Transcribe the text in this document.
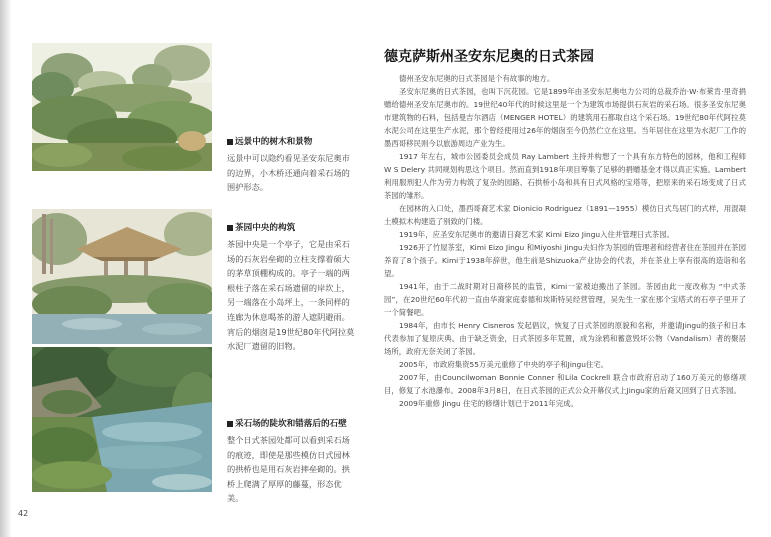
远景中的树木和景物
远景中可以隐约看见圣安东尼奥市的边界，小木桥还通向着采石场的围护形态。
茶园中央的构筑
茶园中央是一个亭子，它是由采石场的石灰岩垒砌的立柱支撑着硕大的茅草顶棚构成的。亭子一端的两根柱子落在采石场遗留的岸坎上，另一端落在小岛坪上，一条同样的连廊为休息喝茶的游人遮阴避雨。宵后的烟囱是19世纪80年代阿拉莫水泥厂遗留的旧物。
采石场的陡坎和错落后的石壁
整个日式茶园处都可以看到采石场的痕迹，即使是那些模仿日式园林的拱桥也是用石灰岩摔垒砌的。拱桥上爬满了厚厚的藤蔓，形态优美。
42
德克萨斯州圣安东尼奥的日式茶园

德州圣安东尼奥的日式茶园是个有故事的地方。

圣安东尼奥的日式茶园，也叫下沉花园。它是1899年由圣安东尼奥电力公司的总裁乔治·W·布莱肯·里奇捐赠给德州圣安东尼奥市的。19世纪40年代的时候这里是一个为建筑市场提供石灰岩的采石场。很多圣安东尼奥市建筑物的石料，包括曼吉尔酒店（MENGER HOTEL）的建筑用石都取自这个采石场。19世纪80年代阿拉莫水泥公司在这里生产水泥，那个曾经使用过26年的烟囱至今仍然伫立在这里。当年居住在这里为水泥厂工作的墨西哥移民则今以旅游周边产业为生。

1917 年左右，城市公园委员会成员 Ray Lambert 主持并构想了一个具有东方特色的园林，他和工程师 W S Delery 共同规划构思这个项目。然而直到1918年项目筹集了足够的捐赠基金才得以真正实施。Lambert 利用服刑犯人作为劳力构筑了复杂的园路、石拱桥小岛和具有日式风格的宝塔等，把原来的采石场变成了日式茶园的雏形。

在园林的入口处，墨西哥裔艺术家 Dionicio Rodriguez（1891—1955）模仿日式鸟居门的式样，用混凝土模拟木构建造了别致的门楼。

1919年，应圣安东尼奥市的邀请日裔艺术家 Kimi Eizo Jingu入住并管理日式茶园。

1926开了竹屋茶室，Kimi Eizo Jingu 和Miyoshi Jingu夫妇作为茶园的管理者和经营者住在茶园并在茶园养育了8个孩子。Kimi于1938年辞世，他生前是Shizuoka产业协会的代表，并在茶业上享有很高的造诣和名望。

1941年，由于二战时期对日裔移民的监管，Kimi一家被迫搬出了茶园。茶园由此一度改称为 “中式茶园”，在20世纪60年代初一直由华裔家庭泰德和埃斯特吴经营管理，吴先生一家在那个宝塔式的石亭子里开了一个简餐吧。

1984年，由市长 Henry Cisneros 发起倡议，恢复了日式茶园的原貌和名称，并邀请Jingu的孩子和日本代表参加了复原庆典。由于缺乏资金，日式茶园多年荒置，成为涂鸦和蓄意毁坏公物（Vandalism）者的聚居场所，政府无奈关闭了茶园。

2005年，市政府集资55万美元重修了中央的亭子和Jingu住宅。

2007年，由Councilwoman Bonnie Conner 和Lila Cockrell 联合市政府启动了160万美元的修缮项目，修复了水池瀑布。2008年3月8日，在日式茶园的正式公众开幕仪式上Jingu家的后裔又回到了日式茶园。

2009年重修 Jingu 住宅的修缮计划已于2011年完成。
